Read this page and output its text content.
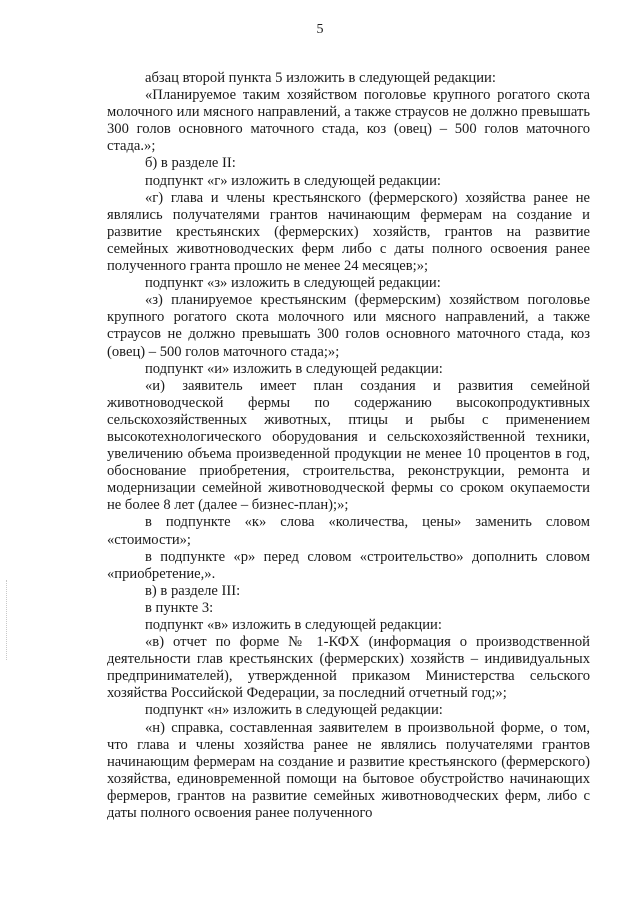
5

абзац второй пункта 5 изложить в следующей редакции:

«Планируемое таким хозяйством поголовье крупного рогатого скота молочного или мясного направлений, а также страусов не должно превышать 300 голов основного маточного стада, коз (овец) – 500 голов маточного стада.»;

б) в разделе II:

подпункт «г» изложить в следующей редакции:

«г) глава и члены крестьянского (фермерского) хозяйства ранее не являлись получателями грантов начинающим фермерам на создание и развитие крестьянских (фермерских) хозяйств, грантов на развитие семейных животноводческих ферм либо с даты полного освоения ранее полученного гранта прошло не менее 24 месяцев;»;

подпункт «з» изложить в следующей редакции:

«з) планируемое крестьянским (фермерским) хозяйством поголовье крупного рогатого скота молочного или мясного направлений, а также страусов не должно превышать 300 голов основного маточного стада, коз (овец) – 500 голов маточного стада;»;

подпункт «и» изложить в следующей редакции:

«и) заявитель имеет план создания и развития семейной животноводческой фермы по содержанию высокопродуктивных сельскохозяйственных животных, птицы и рыбы с применением высокотехнологического оборудования и сельскохозяйственной техники, увеличению объема произведенной продукции не менее 10 процентов в год, обоснование приобретения, строительства, реконструкции, ремонта и модернизации семейной животноводческой фермы со сроком окупаемости не более 8 лет (далее – бизнес-план);»;

в подпункте «к» слова «количества, цены» заменить словом «стоимости»;

в подпункте «р» перед словом «строительство» дополнить словом «приобретение,».

в) в разделе III:

в пункте 3:

подпункт «в» изложить в следующей редакции:

«в) отчет по форме № 1-КФХ (информация о производственной деятельности глав крестьянских (фермерских) хозяйств – индивидуальных предпринимателей), утвержденной приказом Министерства сельского хозяйства Российской Федерации, за последний отчетный год;»;

подпункт «н» изложить в следующей редакции:

«н) справка, составленная заявителем в произвольной форме, о том, что глава и члены хозяйства ранее не являлись получателями грантов начинающим фермерам на создание и развитие крестьянского (фермерского) хозяйства, единовременной помощи на бытовое обустройство начинающих фермеров, грантов на развитие семейных животноводческих ферм, либо с даты полного освоения ранее полученного
